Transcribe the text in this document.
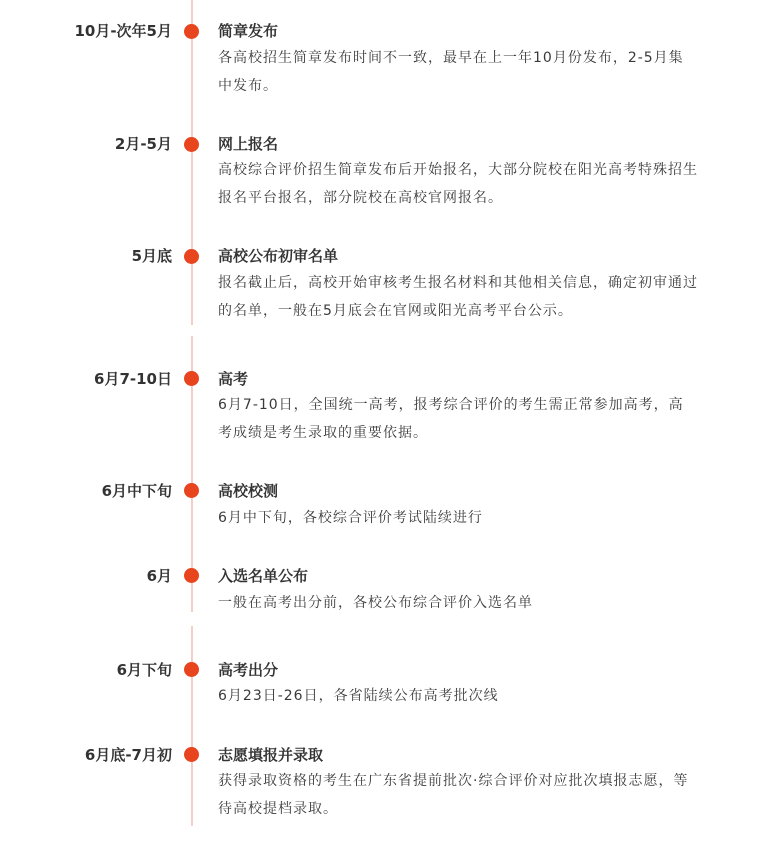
10月-次年5月	简章发布
各高校招生简章发布时间不一致，最早在上一年10月份发布，2-5月集中发布。
2月-5月	网上报名
高校综合评价招生简章发布后开始报名，大部分院校在阳光高考特殊招生报名平台报名，部分院校在高校官网报名。
5月底	高校公布初审名单
报名截止后，高校开始审核考生报名材料和其他相关信息，确定初审通过的名单，一般在5月底会在官网或阳光高考平台公示。
6月7-10日	高考
6月7-10日，全国统一高考，报考综合评价的考生需正常参加高考，高考成绩是考生录取的重要依据。
6月中下旬	高校校测
6月中下旬，各校综合评价考试陆续进行
6月	入选名单公布
一般在高考出分前，各校公布综合评价入选名单
6月下旬	高考出分
6月23日-26日，各省陆续公布高考批次线
6月底-7月初	志愿填报并录取
获得录取资格的考生在广东省提前批次·综合评价对应批次填报志愿，等待高校提档录取。
